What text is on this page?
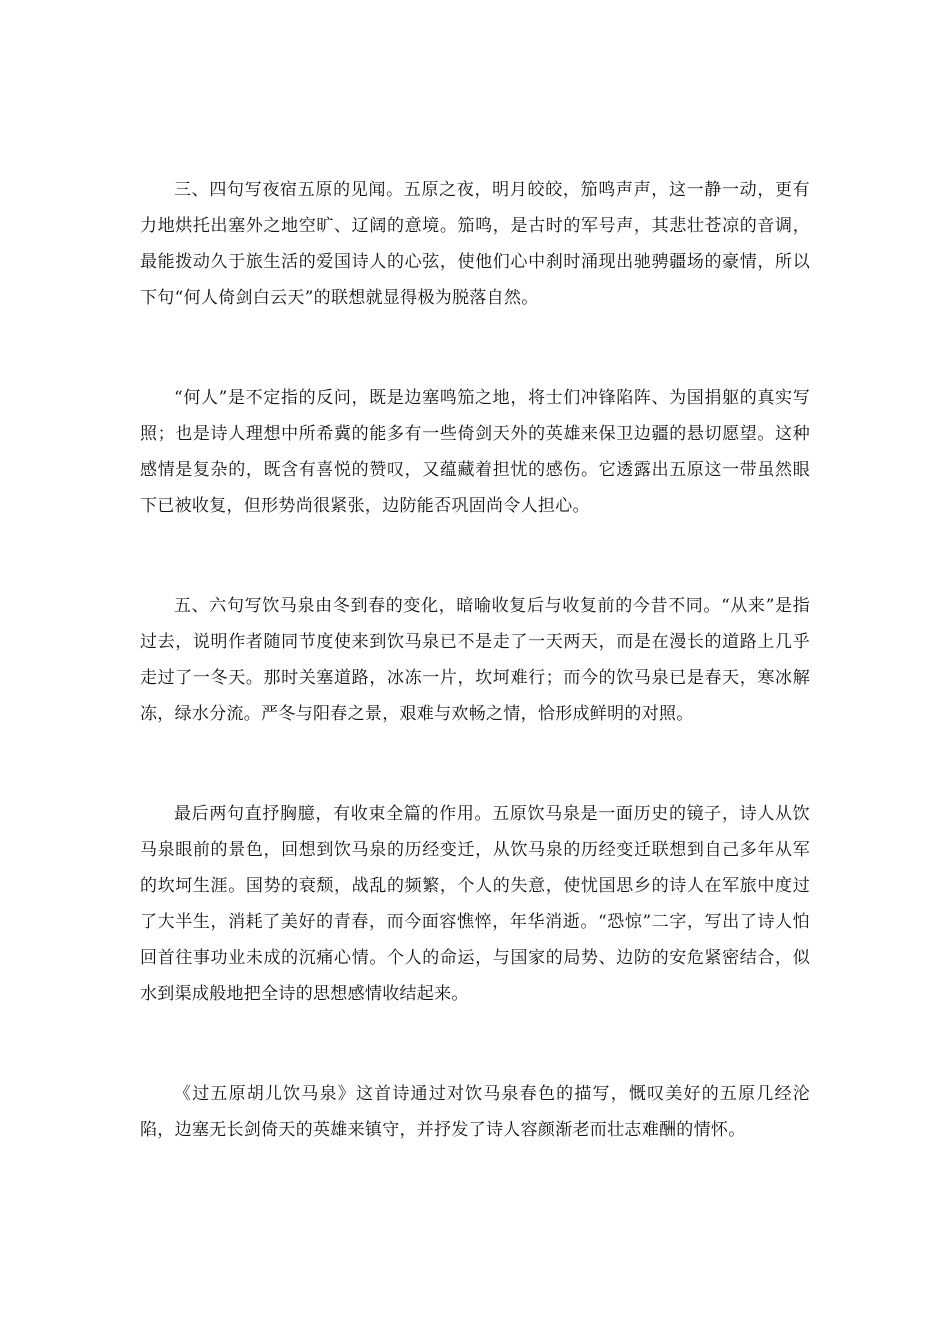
三、四句写夜宿五原的见闻。五原之夜，明月皎皎，笳鸣声声，这一静一动，更有力地烘托出塞外之地空旷、辽阔的意境。笳鸣，是古时的军号声，其悲壮苍凉的音调，最能拨动久于旅生活的爱国诗人的心弦，使他们心中刹时涌现出驰骋疆场的豪情，所以下句“何人倚剑白云天”的联想就显得极为脱落自然。

“何人”是不定指的反问，既是边塞鸣笳之地，将士们冲锋陷阵、为国捐躯的真实写照；也是诗人理想中所希冀的能多有一些倚剑天外的英雄来保卫边疆的悬切愿望。这种感情是复杂的，既含有喜悦的赞叹，又蕴藏着担忧的感伤。它透露出五原这一带虽然眼下已被收复，但形势尚很紧张，边防能否巩固尚令人担心。

五、六句写饮马泉由冬到春的变化，暗喻收复后与收复前的今昔不同。“从来”是指过去，说明作者随同节度使来到饮马泉已不是走了一天两天，而是在漫长的道路上几乎走过了一冬天。那时关塞道路，冰冻一片，坎坷难行；而今的饮马泉已是春天，寒冰解冻，绿水分流。严冬与阳春之景，艰难与欢畅之情，恰形成鲜明的对照。

最后两句直抒胸臆，有收束全篇的作用。五原饮马泉是一面历史的镜子，诗人从饮马泉眼前的景色，回想到饮马泉的历经变迁，从饮马泉的历经变迁联想到自己多年从军的坎坷生涯。国势的衰颓，战乱的频繁，个人的失意，使忧国思乡的诗人在军旅中度过了大半生，消耗了美好的青春，而今面容憔悴，年华消逝。“恐惊”二字，写出了诗人怕回首往事功业未成的沉痛心情。个人的命运，与国家的局势、边防的安危紧密结合，似水到渠成般地把全诗的思想感情收结起来。

《过五原胡儿饮马泉》这首诗通过对饮马泉春色的描写，慨叹美好的五原几经沦陷，边塞无长剑倚天的英雄来镇守，并抒发了诗人容颜渐老而壮志难酬的情怀。
